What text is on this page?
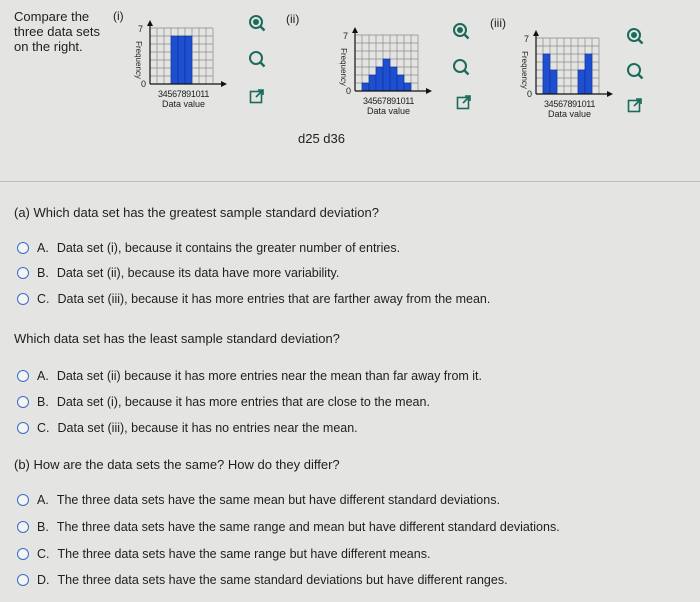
Compare the three data sets on the right.
(i)	(ii)	(iii)
7
0
34567891011
Data value
Frequency
7
0
34567891011
Data value
Frequency
7
0
34567891011
Data value
Frequency
d25 d36
(a) Which data set has the greatest sample standard deviation?
A. Data set (i), because it contains the greater number of entries.
B. Data set (ii), because its data have more variability.
C. Data set (iii), because it has more entries that are farther away from the mean.
Which data set has the least sample standard deviation?
A. Data set (ii) because it has more entries near the mean than far away from it.
B. Data set (i), because it has more entries that are close to the mean.
C. Data set (iii), because it has no entries near the mean.
(b) How are the data sets the same? How do they differ?
A. The three data sets have the same mean but have different standard deviations.
B. The three data sets have the same range and mean but have different standard deviations.
C. The three data sets have the same range but have different means.
D. The three data sets have the same standard deviations but have different ranges.
